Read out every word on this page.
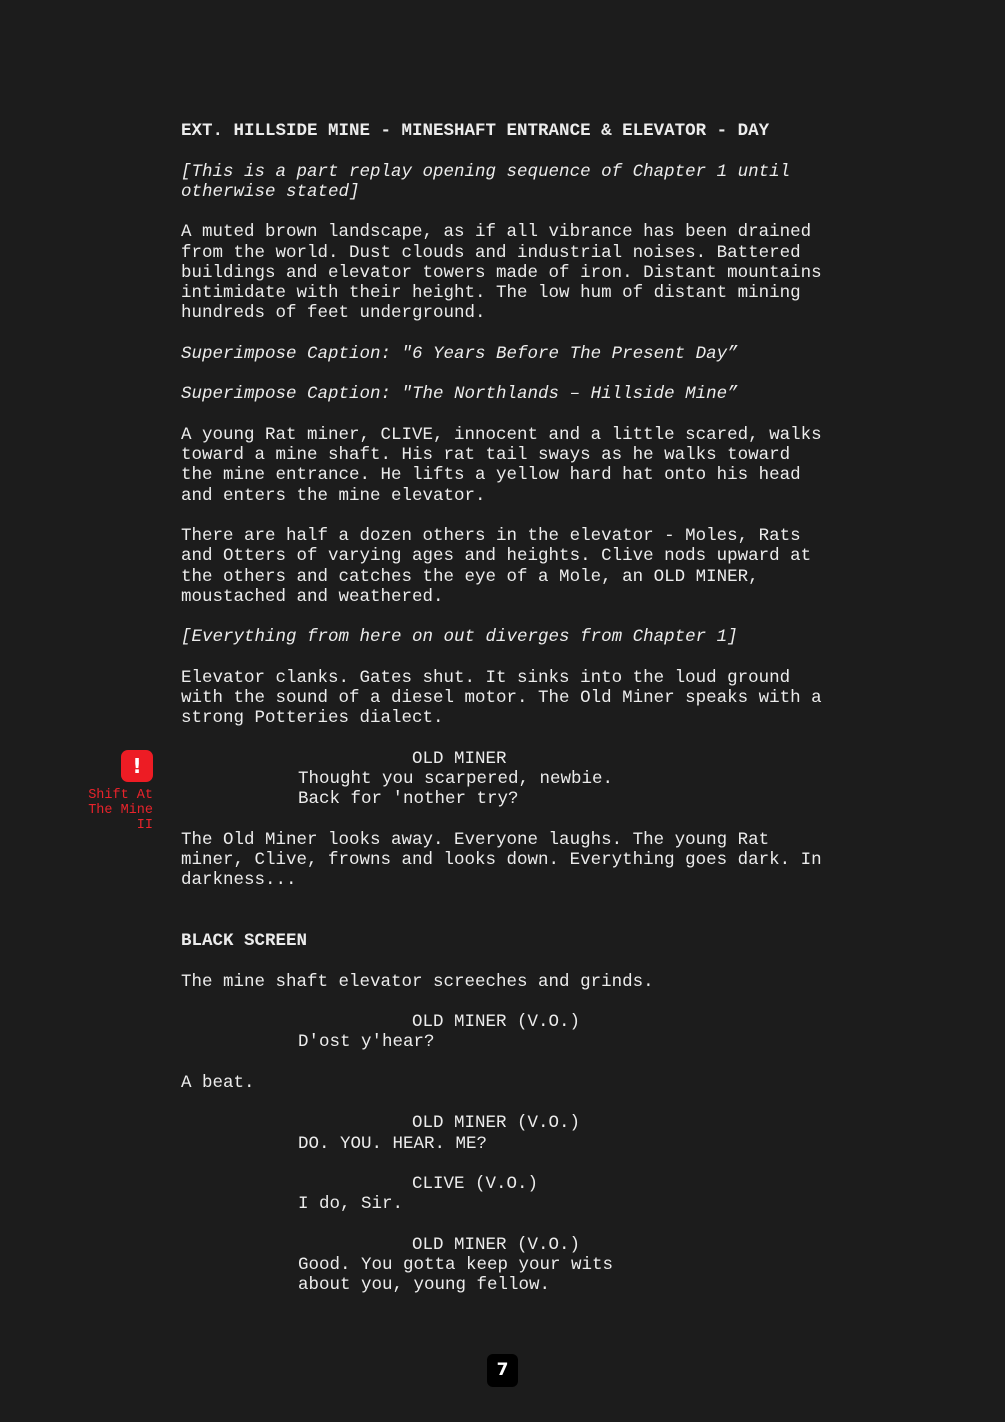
EXT. HILLSIDE MINE - MINESHAFT ENTRANCE & ELEVATOR - DAY
[This is a part replay opening sequence of Chapter 1 until
otherwise stated]
A muted brown landscape, as if all vibrance has been drained
from the world. Dust clouds and industrial noises. Battered
buildings and elevator towers made of iron. Distant mountains
intimidate with their height. The low hum of distant mining
hundreds of feet underground.
Superimpose Caption: "6 Years Before The Present Day”
Superimpose Caption: "The Northlands – Hillside Mine”
A young Rat miner, CLIVE, innocent and a little scared, walks
toward a mine shaft. His rat tail sways as he walks toward
the mine entrance. He lifts a yellow hard hat onto his head
and enters the mine elevator.
There are half a dozen others in the elevator - Moles, Rats
and Otters of varying ages and heights. Clive nods upward at
the others and catches the eye of a Mole, an OLD MINER,
moustached and weathered.
[Everything from here on out diverges from Chapter 1]
Elevator clanks. Gates shut. It sinks into the loud ground
with the sound of a diesel motor. The Old Miner speaks with a
strong Potteries dialect.
OLD MINER
Thought you scarpered, newbie.
Back for 'nother try?
The Old Miner looks away. Everyone laughs. The young Rat
miner, Clive, frowns and looks down. Everything goes dark. In
darkness...
BLACK SCREEN
The mine shaft elevator screeches and grinds.
OLD MINER (V.O.)
D'ost y'hear?
A beat.
OLD MINER (V.O.)
DO. YOU. HEAR. ME?
CLIVE (V.O.)
I do, Sir.
OLD MINER (V.O.)
Good. You gotta keep your wits
about you, young fellow.
!
Shift At
The Mine
II
7
